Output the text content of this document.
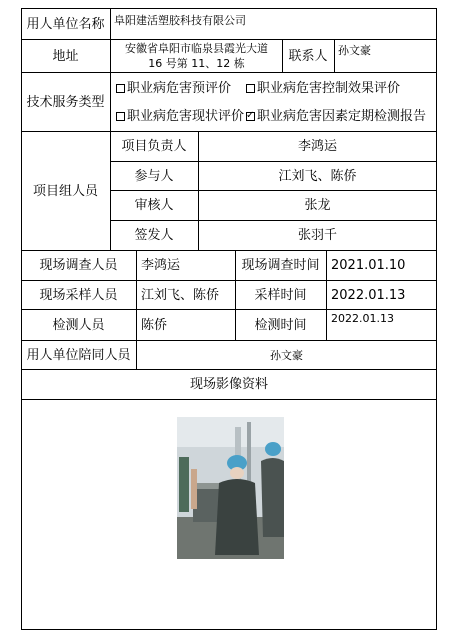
用人单位名称 阜阳建活塑胶科技有限公司
地址	安徽省阜阳市临泉县霞光大道
16 号第 11、12 栋	联系人 孙文豪
技术服务类型
职业病危害预评价 职业病危害控制效果评价
职业病危害现状评价
✓ 职业病危害因素定期检测报告
项目组人员
项目负责人	李鸿运
参与人	江刘飞、陈侨
审核人	张龙
签发人	张羽千
现场调查人员	李鸿运	现场调查时间 2021.01.10
现场采样人员	江刘飞、陈侨	采样时间	2022.01.13
检测人员	陈侨	检测时间	2022.01.13
用人单位陪同人员	孙文豪
现场影像资料
